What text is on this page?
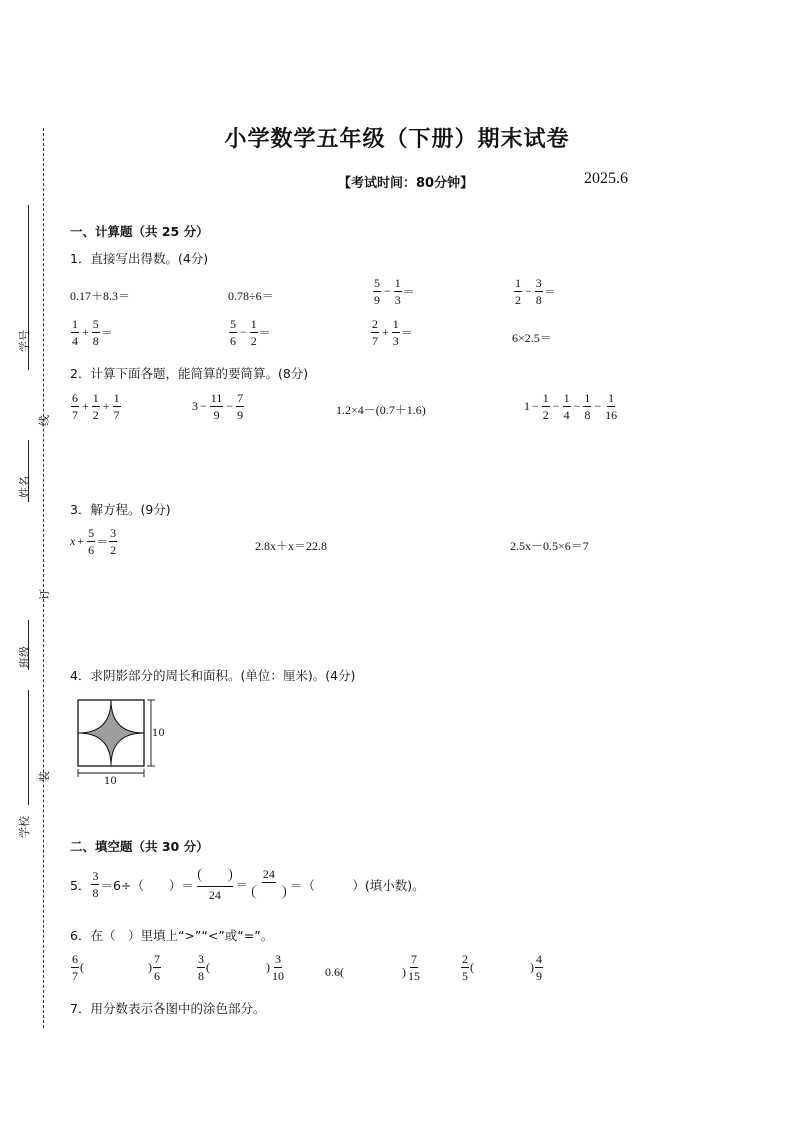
学号
线
姓名
订
班级
装
学校
小学数学五年级（下册）期末试卷
【考试时间：80分钟】	2025.6
一、计算题（共 25 分）
1．直接写出得数。(4分)
0.17＋8.3＝	0.78÷6＝	$\frac{5}{9} - \frac{1}{3}$ ＝	$\frac{1}{2} - \frac{3}{8}$ ＝
$\frac{1}{4} + \frac{5}{8}$ ＝	$\frac{5}{6} - \frac{1}{2}$ ＝	$\frac{2}{7} + \frac{1}{3}$ ＝	6×2.5＝
2．计算下面各题，能简算的要简算。(8分)
$\frac{6}{7} + \frac{1}{2} + \frac{1}{7}$	$3 - \frac{11}{9} - \frac{7}{9}$	1.2×4－(0.7＋1.6)	$1 - \frac{1}{2} - \frac{1}{4} - \frac{1}{8} - \frac{1}{16}$
3．解方程。(9分)
$x + \frac{5}{6} = \frac{3}{2}$	2.8x＋x＝22.8	2.5x－0.5×6＝7
4．求阴影部分的周长和面积。(单位：厘米)。(4分)
10
10
二、填空题（共 30 分）
5． $\frac{3}{8} =6\div$（　　）＝
24
＝
24
＝（　　　）(填小数)。
6．在（　）里填上“>”“<”或“=”。
$\frac{6}{7}$ (	) $\frac{7}{6}$	$\frac{3}{8}$ (	) $\frac{3}{10}$	0.6 (	) $\frac{7}{15}$	$\frac{2}{5}$ (	) $\frac{4}{9}$
7．用分数表示各图中的涂色部分。
